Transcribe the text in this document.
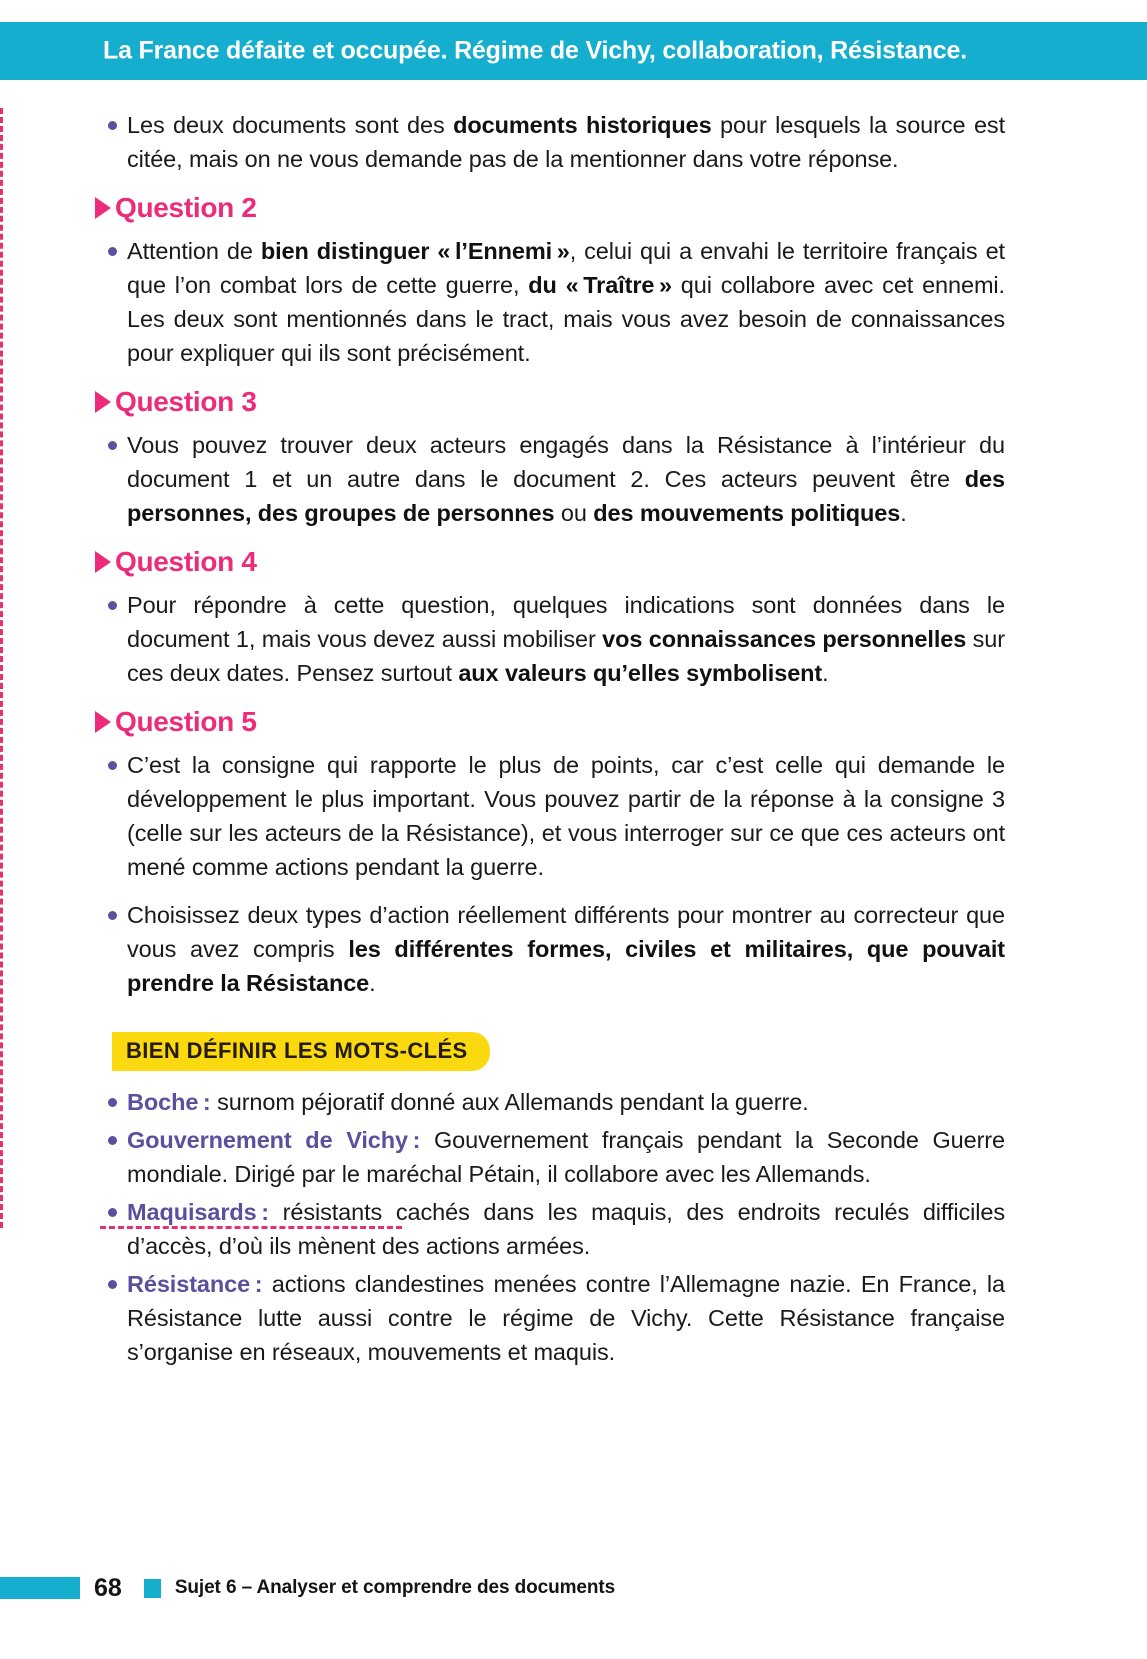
La France défaite et occupée. Régime de Vichy, collaboration, Résistance.

Les deux documents sont des documents historiques pour lesquels la source est citée, mais on ne vous demande pas de la mentionner dans votre réponse.

Question 2

Attention de bien distinguer « l’Ennemi », celui qui a envahi le territoire français et que l’on combat lors de cette guerre, du « Traître » qui collabore avec cet ennemi. Les deux sont mentionnés dans le tract, mais vous avez besoin de connaissances pour expliquer qui ils sont précisément.

Question 3

Vous pouvez trouver deux acteurs engagés dans la Résistance à l’intérieur du document 1 et un autre dans le document 2. Ces acteurs peuvent être des personnes, des groupes de personnes ou des mouvements politiques.

Question 4

Pour répondre à cette question, quelques indications sont données dans le document 1, mais vous devez aussi mobiliser vos connaissances personnelles sur ces deux dates. Pensez surtout aux valeurs qu’elles symbolisent.

Question 5

C’est la consigne qui rapporte le plus de points, car c’est celle qui demande le développement le plus important. Vous pouvez partir de la réponse à la consigne 3 (celle sur les acteurs de la Résistance), et vous interroger sur ce que ces acteurs ont mené comme actions pendant la guerre.

Choisissez deux types d’action réellement différents pour montrer au correcteur que vous avez compris les différentes formes, civiles et militaires, que pouvait prendre la Résistance.

BIEN DÉFINIR LES MOTS-CLÉS

Boche : surnom péjoratif donné aux Allemands pendant la guerre.

Gouvernement de Vichy : Gouvernement français pendant la Seconde Guerre mondiale. Dirigé par le maréchal Pétain, il collabore avec les Allemands.

Maquisards : résistants cachés dans les maquis, des endroits reculés difficiles d’accès, d’où ils mènent des actions armées.

Résistance : actions clandestines menées contre l’Allemagne nazie. En France, la Résistance lutte aussi contre le régime de Vichy. Cette Résistance française s’organise en réseaux, mouvements et maquis.

68	Sujet 6 – Analyser et comprendre des documents
